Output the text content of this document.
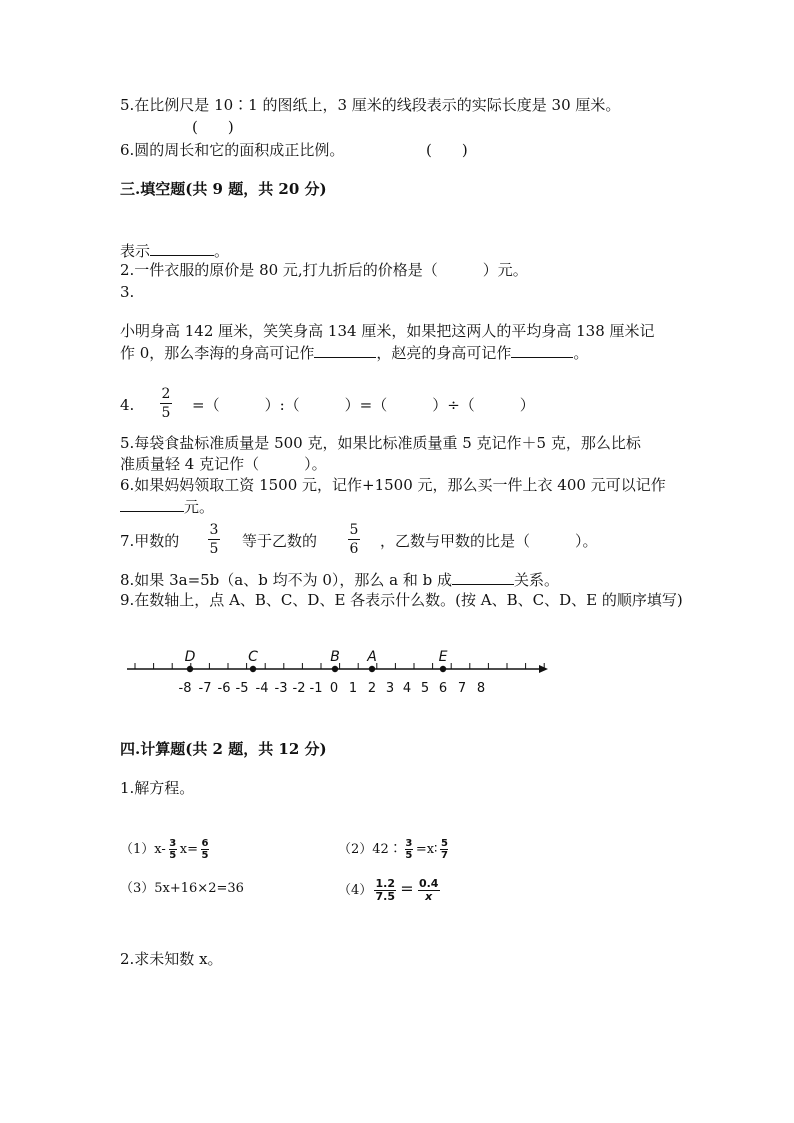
5.在比例尺是 10∶1 的图纸上，3 厘米的线段表示的实际长度是 30 厘米。
(　　)
6.圆的周长和它的面积成正比例。	(　　)
三.填空题(共 9 题，共 20 分)
表示	。
2.一件衣服的原价是 80 元,打九折后的价格是（　　　）元。
3.
小明身高 142 厘米，笑笑身高 134 厘米，如果把这两人的平均身高 138 厘米记
作 0，那么李海的身高可记作	，赵亮的身高可记作	。
4.
2
5 =（　　　）:（　　　）=（　　　）÷（　　　）
5.每袋食盐标准质量是 500 克，如果比标准质量重 5 克记作＋5 克，那么比标
准质量轻 4 克记作（　　　）。
6.如果妈妈领取工资 1500 元，记作+1500 元，那么买一件上衣 400 元可以记作
元。
7.甲数的
3
5 等于乙数的
5
6 ，乙数与甲数的比是（　　　）。
8.如果 3a=5b（a、b 均不为 0），那么 a 和 b 成	关系。
9.在数轴上，点 A、B、C、D、E 各表示什么数。(按 A、B、C、D、E 的顺序填写)
-8 -7 -6 -5 -4 -3 -2 -1 0 1 2 3 4 5 6 7 8
D	C	B A	E
四.计算题(共 2 题，共 12 分)
1.解方程。
$(1)x- \frac{3}{5} x= \frac{6}{5}$	（2）42∶ $\frac{3}{5}$ =x∶ $\frac{5}{7}$
（3）5x+16×2=36	$(4) \frac{1.2}{7.5} = \frac{0.4}{x}$
2.求未知数 x。
